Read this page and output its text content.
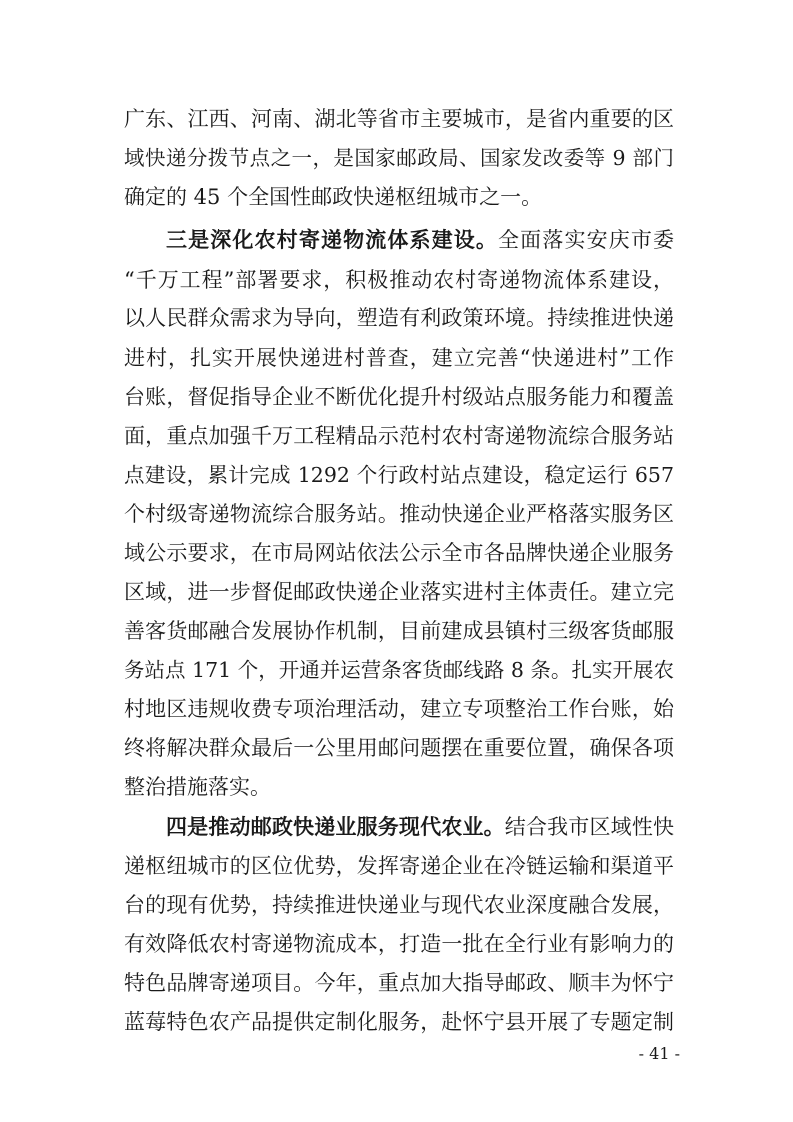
广东、江西、河南、湖北等省市主要城市，是省内重要的区
域快递分拨节点之一，是国家邮政局、国家发改委等 9 部门
确定的 45 个全国性邮政快递枢纽城市之一。
三是深化农村寄递物流体系建设。全面落实安庆市委
“千万工程”部署要求，积极推动农村寄递物流体系建设，
以人民群众需求为导向，塑造有利政策环境。持续推进快递
进村，扎实开展快递进村普查，建立完善“快递进村”工作
台账，督促指导企业不断优化提升村级站点服务能力和覆盖
面，重点加强千万工程精品示范村农村寄递物流综合服务站
点建设，累计完成 1292 个行政村站点建设，稳定运行 657
个村级寄递物流综合服务站。推动快递企业严格落实服务区
域公示要求，在市局网站依法公示全市各品牌快递企业服务
区域，进一步督促邮政快递企业落实进村主体责任。建立完
善客货邮融合发展协作机制，目前建成县镇村三级客货邮服
务站点 171 个，开通并运营条客货邮线路 8 条。扎实开展农
村地区违规收费专项治理活动，建立专项整治工作台账，始
终将解决群众最后一公里用邮问题摆在重要位置，确保各项
整治措施落实。
四是推动邮政快递业服务现代农业。结合我市区域性快
递枢纽城市的区位优势，发挥寄递企业在冷链运输和渠道平
台的现有优势，持续推进快递业与现代农业深度融合发展，
有效降低农村寄递物流成本，打造一批在全行业有影响力的
特色品牌寄递项目。今年，重点加大指导邮政、顺丰为怀宁
蓝莓特色农产品提供定制化服务，赴怀宁县开展了专题定制
- 41 -
